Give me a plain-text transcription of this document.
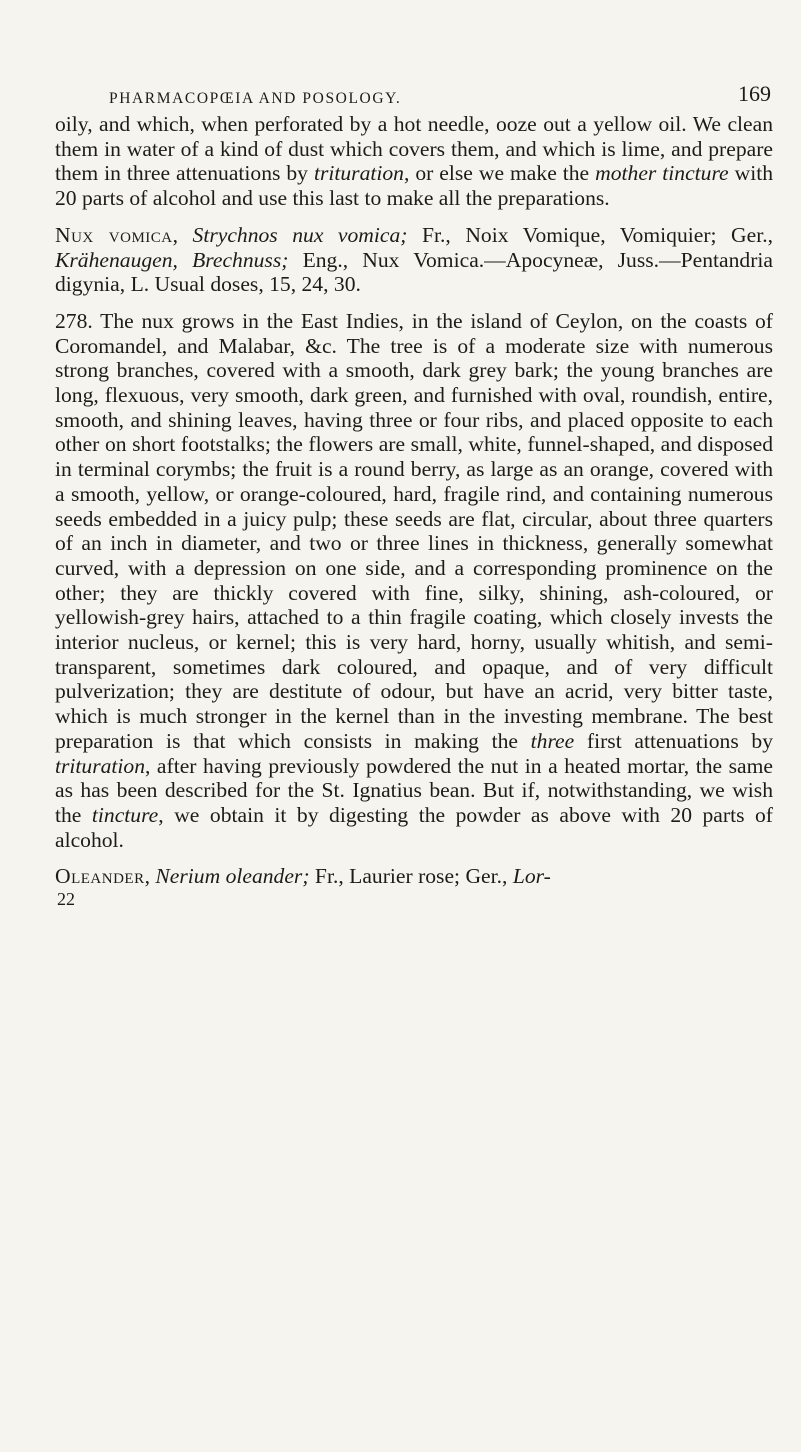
PHARMACOPŒIA AND POSOLOGY.	169

oily, and which, when perforated by a hot needle, ooze out a yellow oil. We clean them in water of a kind of dust which covers them, and which is lime, and prepare them in three attenuations by trituration, or else we make the mother tincture with 20 parts of alcohol and use this last to make all the preparations.

Nux vomica, Strychnos nux vomica; Fr., Noix Vomique, Vomiquier; Ger., Krähenaugen, Brechnuss; Eng., Nux Vomica.—Apocyneæ, Juss.—Pentandria digynia, L. Usual doses, 15, 24, 30.

278. The nux grows in the East Indies, in the island of Ceylon, on the coasts of Coromandel, and Malabar, &c. The tree is of a moderate size with numerous strong branches, covered with a smooth, dark grey bark; the young branches are long, flexuous, very smooth, dark green, and furnished with oval, roundish, entire, smooth, and shining leaves, having three or four ribs, and placed opposite to each other on short footstalks; the flowers are small, white, funnel-shaped, and disposed in terminal corymbs; the fruit is a round berry, as large as an orange, covered with a smooth, yellow, or orange-coloured, hard, fragile rind, and containing numerous seeds embedded in a juicy pulp; these seeds are flat, circular, about three quarters of an inch in diameter, and two or three lines in thickness, generally somewhat curved, with a depression on one side, and a corresponding prominence on the other; they are thickly covered with fine, silky, shining, ash-coloured, or yellowish-grey hairs, attached to a thin fragile coating, which closely invests the interior nucleus, or kernel; this is very hard, horny, usually whitish, and semi-transparent, sometimes dark coloured, and opaque, and of very difficult pulverization; they are destitute of odour, but have an acrid, very bitter taste, which is much stronger in the kernel than in the investing membrane. The best preparation is that which consists in making the three first attenuations by trituration, after having previously powdered the nut in a heated mortar, the same as has been described for the St. Ignatius bean. But if, notwithstanding, we wish the tincture, we obtain it by digesting the powder as above with 20 parts of alcohol.

Oleander, Nerium oleander; Fr., Laurier rose; Ger., Lor-

22
